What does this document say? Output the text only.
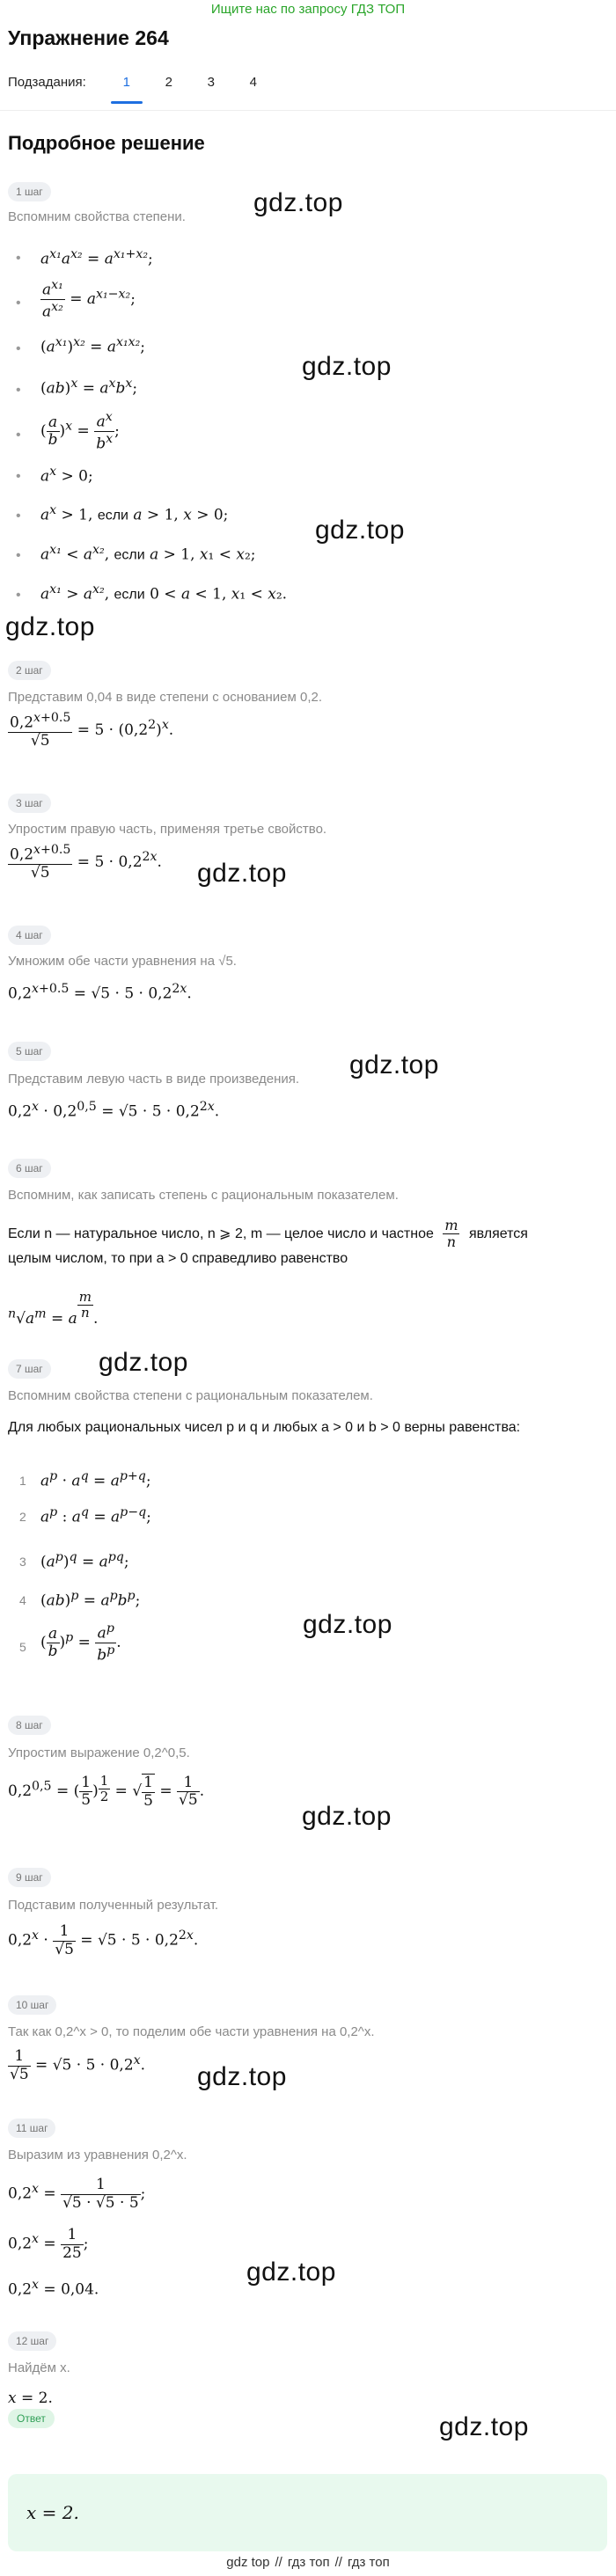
Ищите нас по запросу ГДЗ ТОП
Упражнение 264
Подзадания:	1	2	3	4
Подробное решение
1 шаг
Вспомним свойства степени.
• $a^{x_1}a^{x_2} = a^{x_1+x_2}$;
• $\frac{a^{x_1}}{a^{x_2}} = a^{x_1-x_2}$;
• $(a^{x_1})^{x_2} = a^{x_1x_2}$;
• $(ab)^x = a^xb^x$;
• ( $\frac{a}{b} )^x = \frac{a^x}{b^x}$ ;
• $a^x > 0$;
• $a^x > 1$, если a > 1, x > 0;
• $a^{x_1} < a^{x_2}$, если a > 1, x₁ < x₂;
• $a^{x_1} > a^{x_2}$, если 0 < a < 1, x₁ < x₂.
2 шаг
Представим 0,04 в виде степени с основанием 0,2.
$\frac{0,2^{x+0.5}}{√5} = 5 \cdot (0,2^2)^x$.
3 шаг
Упростим правую часть, применяя третье свойство.
$\frac{0,2^{x+0.5}}{√5} = 5 \cdot 0,2^{2x}$.
4 шаг
Умножим обе части уравнения на √5.
$0,2^{x+0.5} = √5 \cdot 5 \cdot 0,2^{2x}$.
5 шаг
Представим левую часть в виде произведения.
$0,2^x \cdot 0,2^{0,5} = √5 \cdot 5 \cdot 0,2^{2x}$.
6 шаг
Вспомним, как записать степень с рациональным показателем.
Если n — натуральное число, n ⩾ 2, m — целое число и частное $\frac{m}{n}$ является
целым числом, то при a > 0 справедливо равенство
$^n√a^m = a \frac{m}{n}$ .
7 шаг
Вспомним свойства степени с рациональным показателем.
Для любых рациональных чисел p и q и любых a > 0 и b > 0 верны равенства:
1 $a^p \cdot a^q = a^{p+q}$;
2 $a^p$ : $a^q = a^{p-q}$;
3 $(a^p)^q = a^{pq}$;
4 $(ab)^p = a^pb^p$;
5 ( $\frac{a}{b} )^p = \frac{a^p}{b^p}$ .
8 шаг
Упростим выражение 0,2^0,5.
$0,2^{0,5}$ = ( $\frac{1}{5}$ ) $\frac{1}{2}$ = √ $\frac{1}{5} = \frac{1}{√5}$ .
9 шаг
Подставим полученный результат.
$0,2^x \cdot \frac{1}{√5} = √5 \cdot 5 \cdot 0,2^{2x}$.
10 шаг
Так как 0,2^x > 0, то поделим обе части уравнения на 0,2^x.
$\frac{1}{√5} = √5 \cdot 5 \cdot 0,2^x$.
11 шаг
Выразим из уравнения 0,2^x.
$0,2^x = \frac{1}{√5 \cdot √5 \cdot 5}$ ;
$0,2^x = \frac{1}{25}$ ;
$0,2^x = 0,04$.
12 шаг
Найдём x.
x = 2.
Ответ
x = 2.
gdz.top
gdz.top
gdz.top
gdz.top
gdz.top
gdz.top
gdz.top
gdz.top
gdz.top
gdz.top
gdz.top
gdz.top
gdz top // гдз топ // гдз топ
